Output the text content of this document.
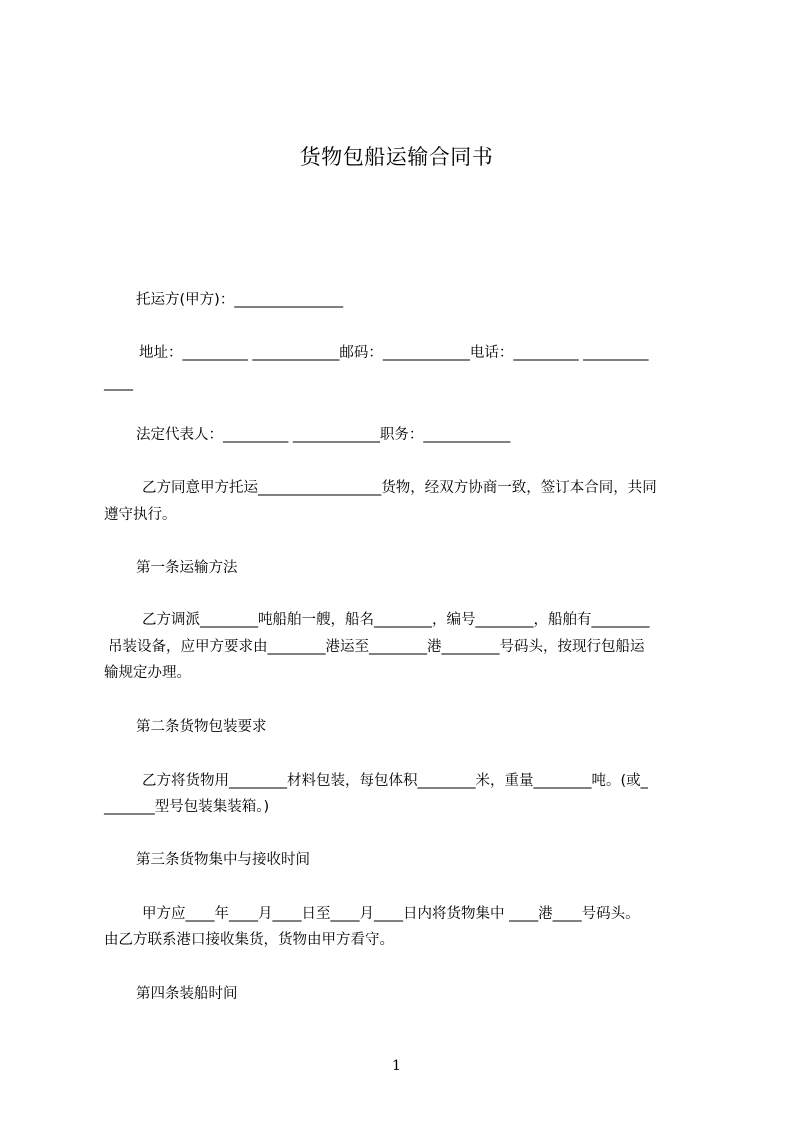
货物包船运输合同书
托运方(甲方)：_______________
地址：_________ ____________邮码：____________电话：_________ _________
____
法定代表人：_________ ____________职务：____________
乙方同意甲方托运_________________货物，经双方协商一致，签订本合同，共同
遵守执行。
第一条运输方法
乙方调派________吨船舶一艘，船名________，编号________，船舶有________
吊装设备，应甲方要求由________港运至________港________号码头，按现行包船运
输规定办理。
第二条货物包装要求
乙方将货物用________材料包装，每包体积________米，重量________吨。(或_
_______型号包装集装箱。)
第三条货物集中与接收时间
甲方应____年____月____日至____月____日内将货物集中 ____港____号码头。
由乙方联系港口接收集货，货物由甲方看守。
第四条装船时间
1
